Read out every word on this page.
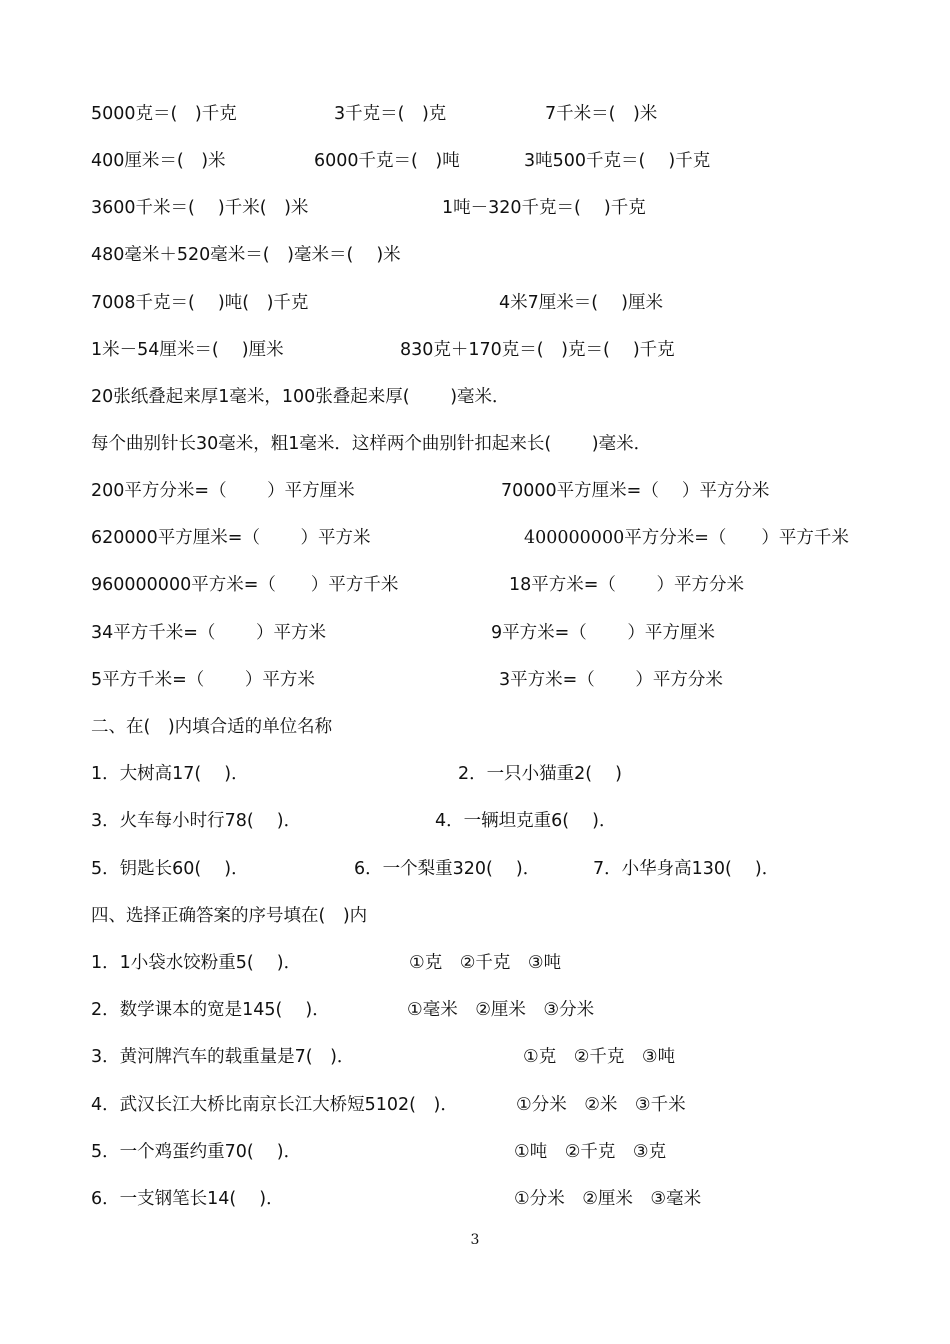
5000克＝(　)千克	3千克＝(　)克	7千米＝(　)米
400厘米＝(　)米	6000千克＝(　)吨	3吨500千克＝(　 )千克
3600千米＝(　 )千米(　)米	1吨－320千克＝(　 )千克
480毫米＋520毫米＝(　)毫米＝(　 )米
7008千克＝(　 )吨(　)千克	4米7厘米＝(　 )厘米
1米－54厘米＝(　 )厘米	830克＋170克＝(　)克＝(　 )千克
20张纸叠起来厚1毫米，100张叠起来厚(　　 )毫米．
每个曲别针长30毫米，粗1毫米．这样两个曲别针扣起来长(　　 )毫米．
200平方分米=（　　 ）平方厘米	70000平方厘米=（　 ）平方分米
620000平方厘米=（　　 ）平方米	400000000平方分米=（　　）平方千米
960000000平方米=（　　）平方千米	18平方米=（　　 ）平方分米
34平方千米=（　　 ）平方米	9平方米=（　　 ）平方厘米
5平方千米=（　　 ）平方米	3平方米=（　　 ）平方分米
二、在(　)内填合适的单位名称
1．大树高17(　 )．	2．一只小猫重2(　 )
3．火车每小时行78(　 )．	4．一辆坦克重6(　 )．
5．钥匙长60(　 )．	6．一个梨重320(　 )．	7．小华身高130(　 )．
四、选择正确答案的序号填在(　)内
1．1小袋水饺粉重5(　 )．	①克　②千克　③吨
2．数学课本的宽是145(　 )．	①毫米　②厘米　③分米
3．黄河牌汽车的载重量是7(　)．	①克　②千克　③吨
4．武汉长江大桥比南京长江大桥短5102(　)．	①分米　②米　③千米
5．一个鸡蛋约重70(　 )．	①吨　②千克　③克
6．一支钢笔长14(　 )．	①分米　②厘米　③毫米
3
